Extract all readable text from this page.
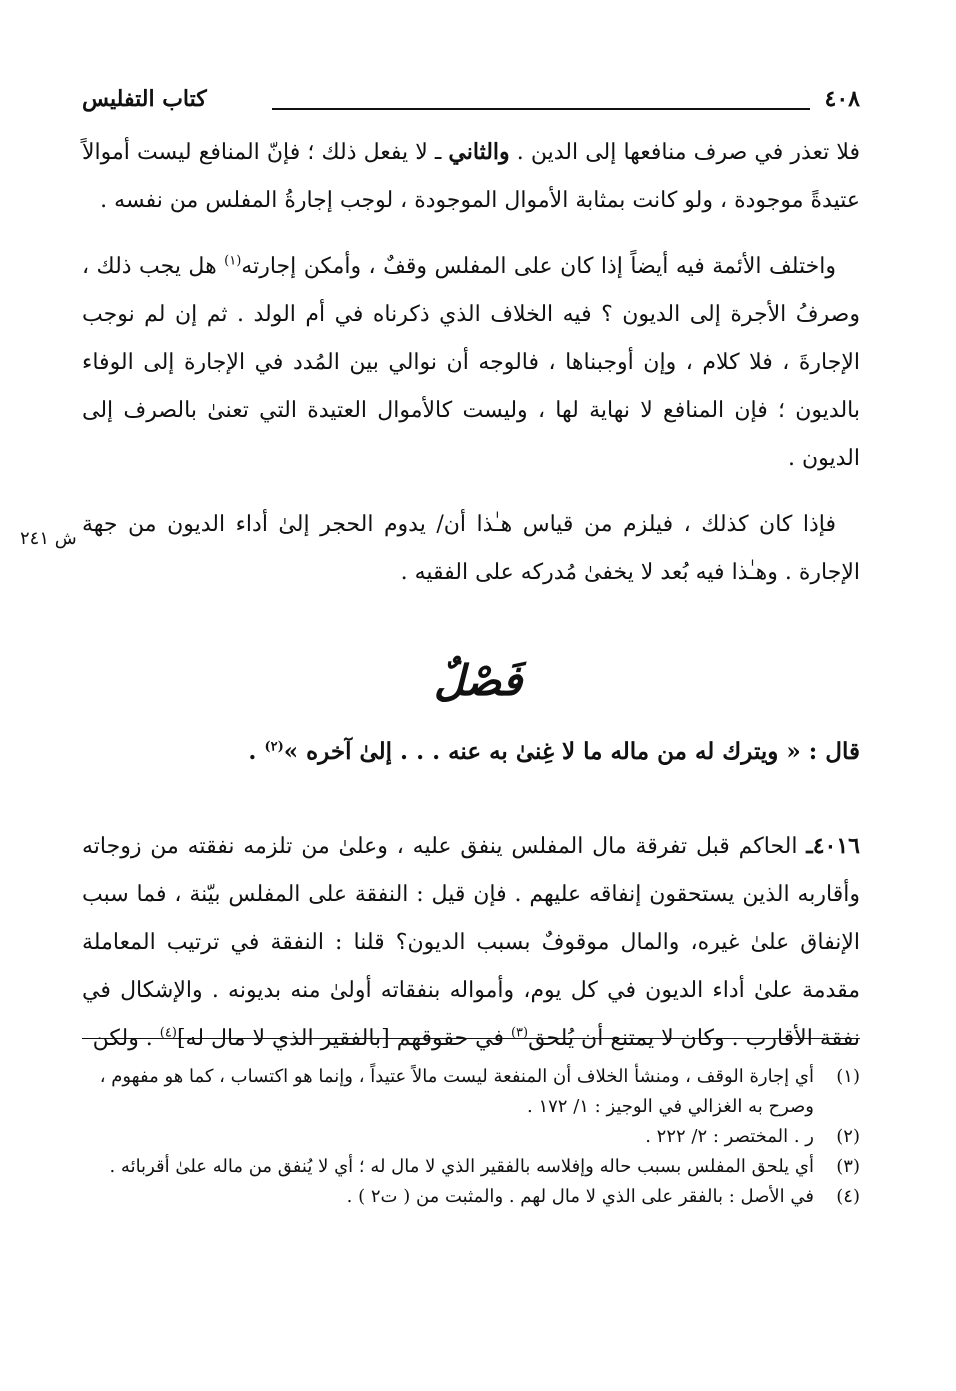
٤٠٨
كتاب التفليس

فلا تعذر في صرف منافعها إلى الدين . والثاني ـ لا يفعل ذلك ؛ فإنّ المنافع ليست أموالاً عتيدةً موجودة ، ولو كانت بمثابة الأموال الموجودة ، لوجب إجارةُ المفلس من نفسه .

واختلف الأئمة فيه أيضاً إذا كان على المفلس وقفٌ ، وأمكن إجارته$^{(١)}$ هل يجب ذلك ، وصرفُ الأجرة إلى الديون ؟ فيه الخلاف الذي ذكرناه في أم الولد . ثم إن لم نوجب الإجارةَ ، فلا كلام ، وإن أوجبناها ، فالوجه أن نوالي بين المُدد في الإجارة إلى الوفاء بالديون ؛ فإن المنافع لا نهاية لها ، وليست كالأموال العتيدة التي تعنىٰ بالصرف إلى الديون .

فإذا كان كذلك ، فيلزم من قياس هـٰذا أن/ يدوم الحجر إلىٰ أداء الديون من جهة الإجارة . وهـٰذا فيه بُعد لا يخفىٰ مُدركه على الفقيه .

ش ٢٤١
فَصْلٌ
قال : « ويترك له من ماله ما لا غِنىٰ به عنه . . . إلىٰ آخره »$^{(٢)}$ .

٤٠١٦ـ الحاكم قبل تفرقة مال المفلس ينفق عليه ، وعلىٰ من تلزمه نفقته من زوجاته وأقاربه الذين يستحقون إنفاقه عليهم . فإن قيل : النفقة على المفلس بيّنة ، فما سبب الإنفاق علىٰ غيره، والمال موقوفٌ بسبب الديون؟ قلنا : النفقة في ترتيب المعاملة مقدمة علىٰ أداء الديون في كل يوم، وأمواله بنفقاته أولىٰ منه بديونه . والإشكال في نفقة الأقارب . وكان لا يمتنع أن يُلحق$^{(٣)}$ في حقوقهم [بالفقير الذي لا مال له]$^{(٤)}$ . ولكن

(١)
أي إجارة الوقف ، ومنشأ الخلاف أن المنفعة ليست مالاً عتيداً ، وإنما هو اكتساب ، كما هو مفهوم ، وصرح به الغزالي في الوجيز : ١/ ١٧٢ .
(٢)
ر . المختصر : ٢/ ٢٢٢ .
(٣)
أي يلحق المفلس بسبب حاله وإفلاسه بالفقير الذي لا مال له ؛ أي لا يُنفق من ماله علىٰ أقربائه .
(٤)
في الأصل : بالفقر على الذي لا مال لهم . والمثبت من ( ت٢ ) .
